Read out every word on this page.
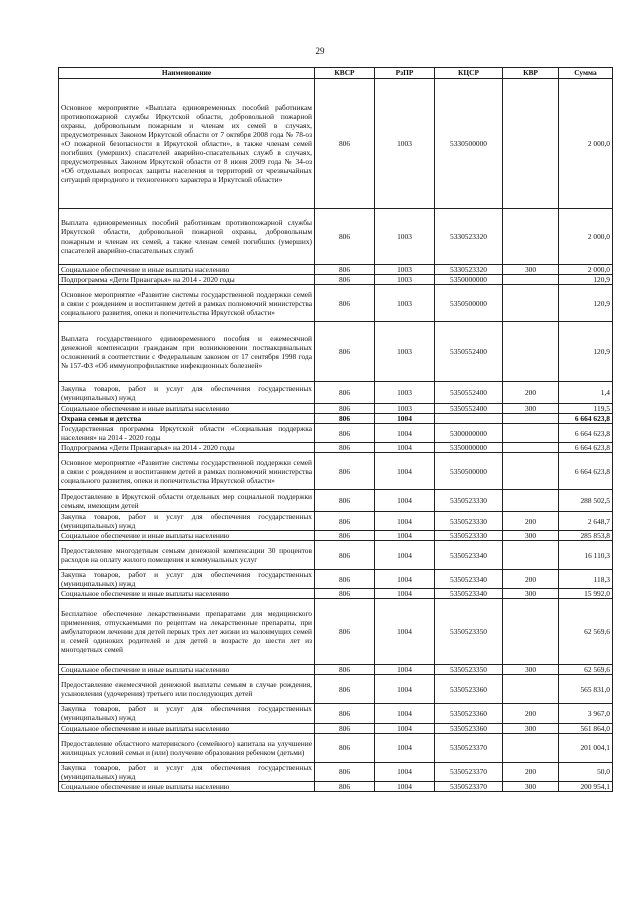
29
Наименование	КВСР	РзПР	КЦСР	КВР	Сумма
Основное мероприятие «Выплата единовременных пособий работникам противопожарной службы Иркутской области, добровольной пожарной охраны, добровольным пожарным и членам их семей в случаях, предусмотренных Законом Иркутской области от 7 октября 2008 года № 78-оз «О пожарной безопасности в Иркутской области», в также членам семей погибших (умерших) спасателей аварийно-спасательных служб в случаях, предусмотренных Законом Иркутской области от 8 июня 2009 года № 34-оз «Об отдельных вопросах защиты населения и территорий от чрезвычайных ситуаций природного и техногенного характера в Иркутской области»	806	1003	5330500000		2 000,0
Выплата единовременных пособий работникам противопожарной службы Иркутской области, добровольной пожарной охраны, добровольным пожарным и членам их семей, а также членам семей погибших (умерших) спасателей аварийно-спасательных служб	806	1003	5330523320		2 000,0
Социальное обеспечение и иные выплаты населению	806	1003	5330523320	300	2 000,0
Подпрограмма «Дети Приангарья» на 2014 - 2020 годы	806	1003	5350000000		120,9
Основное мероприятие «Развитие системы государственной поддержки семей в связи с рождением и воспитанием детей в рамках полномочий министерства социального развития, опеки и попечительства Иркутской области»	806	1003	5350500000		120,9
Выплата государственного единовременного пособия и ежемесячной денежной компенсации гражданам при возникновении поствакцинальных осложнений в соответствии с Федеральным законом от 17 сентября 1998 года № 157-ФЗ «Об иммунопрофилактике инфекционных болезней»	806	1003	5350552400		120,9
Закупка товаров, работ и услуг для обеспечения государственных (муниципальных) нужд	806	1003	5350552400	200	1,4
Социальное обеспечение и иные выплаты населению	806	1003	5350552400	300	119,5
Охрана семьи и детства	806	1004			6 664 623,8
Государственная программа Иркутской области «Социальная поддержка населения» на 2014 - 2020 годы	806	1004	5300000000		6 664 623,8
Подпрограмма «Дети Приангарья» на 2014 - 2020 годы	806	1004	5350000000		6 664 623,8
Основное мероприятие «Развитие системы государственной поддержки семей в связи с рождением и воспитанием детей в рамках полномочий министерства социального развития, опеки и попечительства Иркутской области»	806	1004	5350500000		6 664 623,8
Предоставление в Иркутской области отдельных мер социальной поддержки семьям, имеющим детей	806	1004	5350523330		288 502,5
Закупка товаров, работ и услуг для обеспечения государственных (муниципальных) нужд	806	1004	5350523330	200	2 648,7
Социальное обеспечение и иные выплаты населению	806	1004	5350523330	300	285 853,8
Предоставление многодетным семьям денежной компенсации 30 процентов расходов на оплату жилого помещения и коммунальных услуг	806	1004	5350523340		16 110,3
Закупка товаров, работ и услуг для обеспечения государственных (муниципальных) нужд	806	1004	5350523340	200	118,3
Социальное обеспечение и иные выплаты населению	806	1004	5350523340	300	15 992,0
Бесплатное обеспечение лекарственными препаратами для медицинского применения, отпускаемыми по рецептам на лекарственные препараты, при амбулаторном лечении для детей первых трех лет жизни из малоимущих семей и семей одиноких родителей и для детей в возрасте до шести лет из многодетных семей	806	1004	5350523350		62 569,6
Социальное обеспечение и иные выплаты населению	806	1004	5350523350	300	62 569,6
Предоставление ежемесячной денежной выплаты семьям в случае рождения, усыновления (удочерения) третьего или последующих детей	806	1004	5350523360		565 831,0
Закупка товаров, работ и услуг для обеспечения государственных (муниципальных) нужд	806	1004	5350523360	200	3 967,0
Социальное обеспечение и иные выплаты населению	806	1004	5350523360	300	561 864,0
Предоставление областного материнского (семейного) капитала на улучшение жилищных условий семьи и (или) получение образования ребенком (детьми)	806	1004	5350523370		201 004,1
Закупка товаров, работ и услуг для обеспечения государственных (муниципальных) нужд	806	1004	5350523370	200	50,0
Социальное обеспечение и иные выплаты населению	806	1004	5350523370	300	200 954,1
